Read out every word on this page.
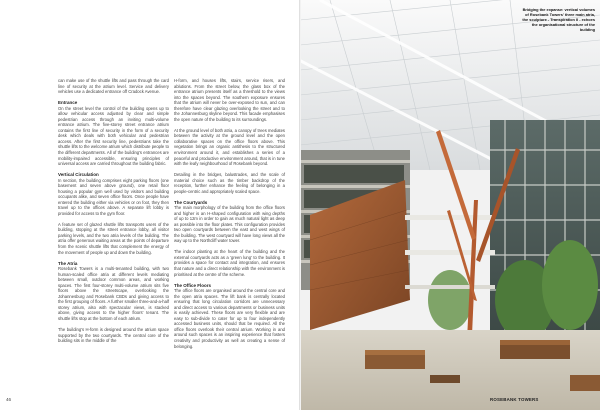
can make use of the shuttle lifts and pass through the card line of security at the atrium level. Service and delivery vehicles use a dedicated entrance off Cradock Avenue.

Entrance

On the street level the control of the building opens up to allow vehicular access adjusted by clear and simple pedestrian access through an inviting multi-volume entrance atrium. The five-storey street entrance atrium contains the first line of security in the form of a security desk which deals with both vehicular and pedestrian access. After the first security line, pedestrians take the shuttle lifts to the welcome atrium which distribute people to the different departments. All of the building's entrances are mobility-impaired accessible, ensuring principles of universal access are carried throughout the building fabric.

Vertical Circulation

In section, the building comprises eight parking floors (one basement and seven above ground), one retail floor housing a popular gym well used by visitors and building occupants alike, and seven office floors. Once people have entered the building either via vehicles or on foot, they then travel up to the offices above. A separate lift lobby is provided for access to the gym floor.

A feature set of glazed shuttle lifts transports users of the building, stopping at the street entrance lobby, all visitor parking levels, and the two atria levels of the building. The atria offer generous waiting areas at the points of departure from the scenic shuttle lifts that complement the energy of the movement of people up and down the building.

The Atria

Rosebank Towers is a multi-tenanted building, with two human-scaled office atria at different levels mediating between small, outdoor common areas, and working spaces. The first four-storey multi-volume atrium sits five floors above the streetscape, overlooking the Johannesburg and Rosebank CBDs and giving access to the first grouping of floors. A further smaller three-and-a-half storey atrium, also with spectacular views, is stacked above, giving access to the higher floors' tenant. The shuttle lifts stop at the bottom of each atrium.

The building's H-form is designed around the atrium space supported by the two courtyards. The central core of the building sits in the middle of the

H-form, and houses lifts, stairs, service risers, and ablutions. From the street below, the glass box of the entrance atrium presents itself as a threshold to the views into the spaces beyond. The southern exposure ensures that the atrium will never be over-exposed to sun, and can therefore have clear glazing overlooking the street and to the Johannesburg skyline beyond. This facade emphasises the open nature of the building to its surroundings.

At the ground level of both atria, a canopy of trees mediates between the activity at the ground level and the open collaborative spaces on the office floors above. This vegetation brings an organic antithesis to the structured environment around it, and establishes a series of a peaceful and productive environment around, that is in tune with the leafy neighbourhood of Rosebank beyond.

Detailing in the bridges, balustrades, and the scale of material choice such as the timber backdrop of the reception, further enhance the feeling of belonging in a people-centric and appropriately scaled space.

The Courtyards

The main morphology of the building from the office floors and higher is an H-shaped configuration with wing depths of up to 12m in order to gain as much natural light as deep as possible into the floor plates. This configuration provides two open courtyards between the east and west wings of the building. The west courtyard will have long views all the way up to the Northcliff water tower.

The indoor planting at the heart of the building and the external courtyards acts as a 'green lung' to the building. It provides a space for contact and integration, and ensures that nature and a direct relationship with the environment is prioritised at the centre of the scheme.

The Office Floors

The office floors are organised around the central core and the open atria spaces. The lift bank is centrally located ensuring that long circulation corridors are unnecessary and direct access to various departments or business units is easily achieved. These floors are very flexible and are easy to sub-divide to cater for up to four independently accessed business units, should that be required. All the office floors overlook their central atrium. Working in and around such spaces is an inspiring experience that fosters creativity and productivity as well as creating a sense of belonging.

46
Bridging the expanse: vertical volumes of Rosebank Towers' three main atria, the sculpture - Transpiration II - echoes the organisational structure of the building
ROSEBANK TOWERS
